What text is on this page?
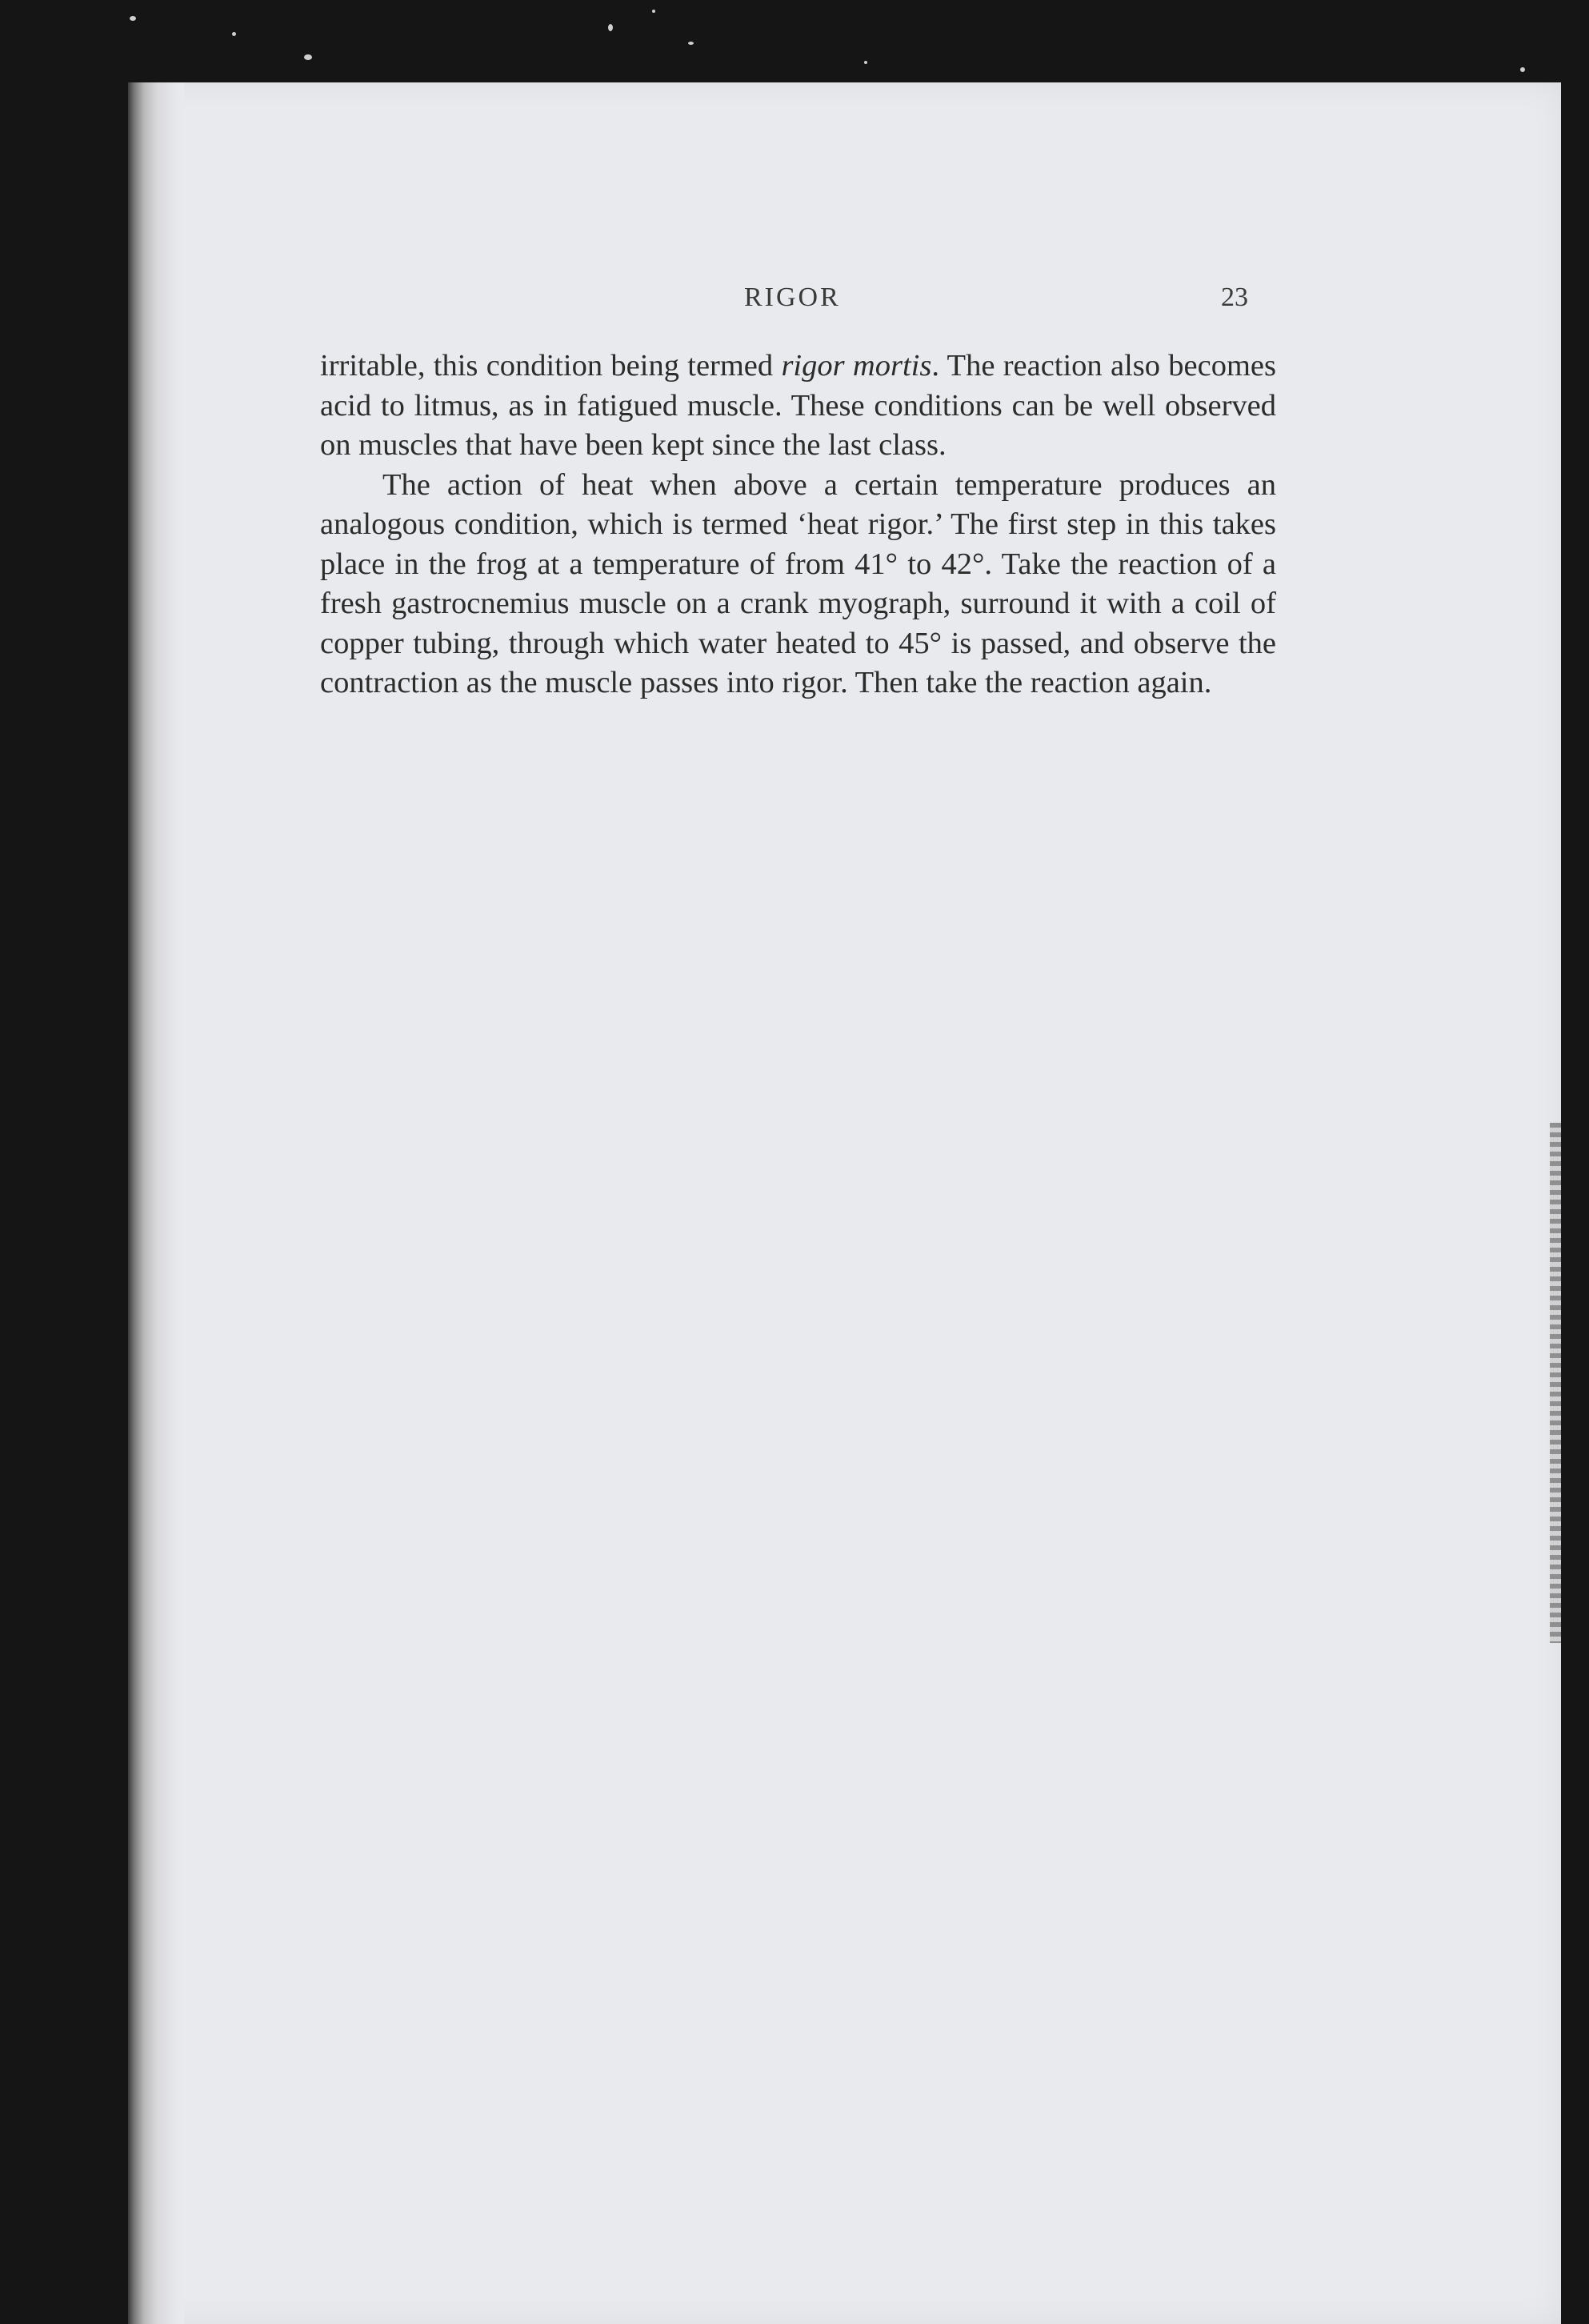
RIGOR	23

irritable, this condition being termed rigor mortis. The reaction also becomes acid to litmus, as in fatigued muscle. These conditions can be well observed on muscles that have been kept since the last class.

The action of heat when above a certain temperature produces an analogous condition, which is termed ‘heat rigor.’ The first step in this takes place in the frog at a temperature of from 41° to 42°. Take the reaction of a fresh gastrocnemius muscle on a crank myograph, surround it with a coil of copper tubing, through which water heated to 45° is passed, and observe the contraction as the muscle passes into rigor. Then take the reaction again.
